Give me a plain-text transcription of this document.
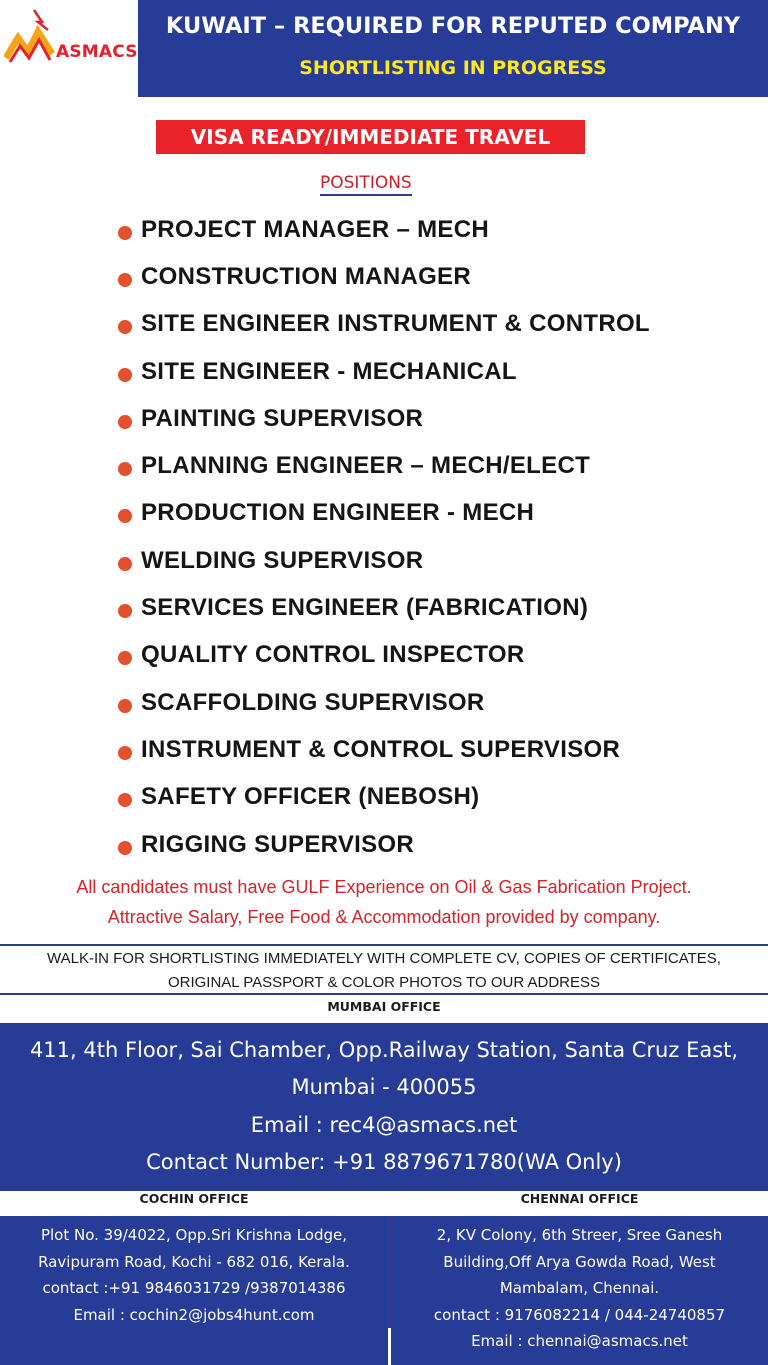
ASMACS
KUWAIT – REQUIRED FOR REPUTED COMPANY
SHORTLISTING IN PROGRESS
VISA READY/IMMEDIATE TRAVEL
POSITIONS
PROJECT MANAGER – MECH
CONSTRUCTION MANAGER
SITE ENGINEER INSTRUMENT & CONTROL
SITE ENGINEER - MECHANICAL
PAINTING SUPERVISOR
PLANNING ENGINEER – MECH/ELECT
PRODUCTION ENGINEER - MECH
WELDING SUPERVISOR
SERVICES ENGINEER (FABRICATION)
QUALITY CONTROL INSPECTOR
SCAFFOLDING SUPERVISOR
INSTRUMENT & CONTROL SUPERVISOR
SAFETY OFFICER (NEBOSH)
RIGGING SUPERVISOR
All candidates must have GULF Experience on Oil & Gas Fabrication Project.
Attractive Salary, Free Food & Accommodation provided by company.
WALK-IN FOR SHORTLISTING IMMEDIATELY WITH COMPLETE CV, COPIES OF CERTIFICATES,
ORIGINAL PASSPORT & COLOR PHOTOS TO OUR ADDRESS
MUMBAI OFFICE
411, 4th Floor, Sai Chamber, Opp.Railway Station, Santa Cruz East,
Mumbai - 400055
Email : rec4@asmacs.net
Contact Number: +91 8879671780(WA Only)
COCHIN OFFICE
Plot No. 39/4022, Opp.Sri Krishna Lodge,
Ravipuram Road, Kochi - 682 016, Kerala.
contact :+91 9846031729 /9387014386
Email : cochin2@jobs4hunt.com
CHENNAI OFFICE
2, KV Colony, 6th Streer, Sree Ganesh
Building,Off Arya Gowda Road, West
Mambalam, Chennai.
contact : 9176082214 / 044-24740857
Email : chennai@asmacs.net
